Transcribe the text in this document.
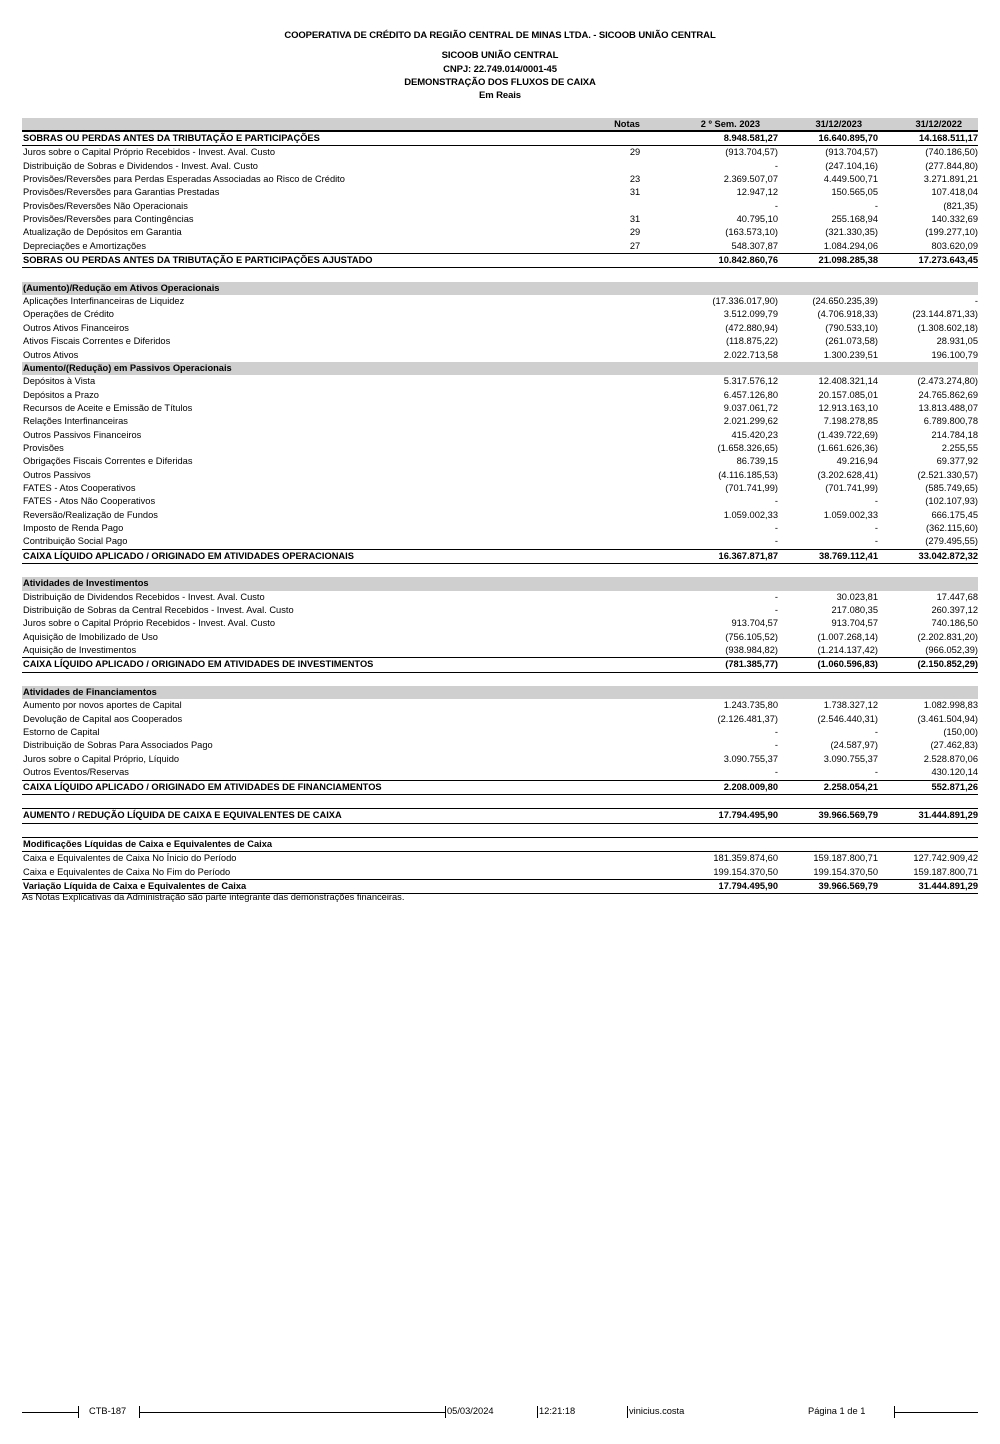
COOPERATIVA DE CRÉDITO DA REGIÃO CENTRAL DE MINAS LTDA. - SICOOB UNIÃO CENTRAL
SICOOB UNIÃO CENTRAL
CNPJ: 22.749.014/0001-45
DEMONSTRAÇÃO DOS FLUXOS DE CAIXA
Em Reais
Notas	2 º Sem. 2023	31/12/2023	31/12/2022
SOBRAS OU PERDAS ANTES DA TRIBUTAÇÃO E PARTICIPAÇÕES	8.948.581,27	16.640.895,70	14.168.511,17
Juros sobre o Capital Próprio Recebidos - Invest. Aval. Custo	29	(913.704,57)	(913.704,57)	(740.186,50)
Distribuição de Sobras e Dividendos - Invest. Aval. Custo	-	(247.104,16)	(277.844,80)
Provisões/Reversões para Perdas Esperadas Associadas ao Risco de Crédito	23	2.369.507,07	4.449.500,71	3.271.891,21
Provisões/Reversões para Garantias Prestadas	31	12.947,12	150.565,05	107.418,04
Provisões/Reversões Não Operacionais	-	-	(821,35)
Provisões/Reversões para Contingências	31	40.795,10	255.168,94	140.332,69
Atualização de Depósitos em Garantia	29	(163.573,10)	(321.330,35)	(199.277,10)
Depreciações e Amortizações	27	548.307,87	1.084.294,06	803.620,09
SOBRAS OU PERDAS ANTES DA TRIBUTAÇÃO E PARTICIPAÇÕES AJUSTADO	10.842.860,76	21.098.285,38	17.273.643,45
(Aumento)/Redução em Ativos Operacionais
Aplicações Interfinanceiras de Liquidez	(17.336.017,90)	(24.650.235,39)	-
Operações de Crédito	3.512.099,79	(4.706.918,33)	(23.144.871,33)
Outros Ativos Financeiros	(472.880,94)	(790.533,10)	(1.308.602,18)
Ativos Fiscais Correntes e Diferidos	(118.875,22)	(261.073,58)	28.931,05
Outros Ativos	2.022.713,58	1.300.239,51	196.100,79
Aumento/(Redução) em Passivos Operacionais
Depósitos à Vista	5.317.576,12	12.408.321,14	(2.473.274,80)
Depósitos a Prazo	6.457.126,80	20.157.085,01	24.765.862,69
Recursos de Aceite e Emissão de Títulos	9.037.061,72	12.913.163,10	13.813.488,07
Relações Interfinanceiras	2.021.299,62	7.198.278,85	6.789.800,78
Outros Passivos Financeiros	415.420,23	(1.439.722,69)	214.784,18
Provisões	(1.658.326,65)	(1.661.626,36)	2.255,55
Obrigações Fiscais Correntes e Diferidas	86.739,15	49.216,94	69.377,92
Outros Passivos	(4.116.185,53)	(3.202.628,41)	(2.521.330,57)
FATES - Atos Cooperativos	(701.741,99)	(701.741,99)	(585.749,65)
FATES - Atos Não Cooperativos	-	-	(102.107,93)
Reversão/Realização de Fundos	1.059.002,33	1.059.002,33	666.175,45
Imposto de Renda Pago	-	-	(362.115,60)
Contribuição Social Pago	-	-	(279.495,55)
CAIXA LÍQUIDO APLICADO / ORIGINADO EM ATIVIDADES OPERACIONAIS	16.367.871,87	38.769.112,41	33.042.872,32
Atividades de Investimentos
Distribuição de Dividendos Recebidos - Invest. Aval. Custo	-	30.023,81	17.447,68
Distribuição de Sobras da Central Recebidos - Invest. Aval. Custo	-	217.080,35	260.397,12
Juros sobre o Capital Próprio Recebidos - Invest. Aval. Custo	913.704,57	913.704,57	740.186,50
Aquisição de Imobilizado de Uso	(756.105,52)	(1.007.268,14)	(2.202.831,20)
Aquisição de Investimentos	(938.984,82)	(1.214.137,42)	(966.052,39)
CAIXA LÍQUIDO APLICADO / ORIGINADO EM ATIVIDADES DE INVESTIMENTOS	(781.385,77)	(1.060.596,83)	(2.150.852,29)
Atividades de Financiamentos
Aumento por novos aportes de Capital	1.243.735,80	1.738.327,12	1.082.998,83
Devolução de Capital aos Cooperados	(2.126.481,37)	(2.546.440,31)	(3.461.504,94)
Estorno de Capital	-	-	(150,00)
Distribuição de Sobras Para Associados Pago	-	(24.587,97)	(27.462,83)
Juros sobre o Capital Próprio, Líquido	3.090.755,37	3.090.755,37	2.528.870,06
Outros Eventos/Reservas	-	-	430.120,14
CAIXA LÍQUIDO APLICADO / ORIGINADO EM ATIVIDADES DE FINANCIAMENTOS	2.208.009,80	2.258.054,21	552.871,26
AUMENTO / REDUÇÃO LÍQUIDA DE CAIXA E EQUIVALENTES DE CAIXA	17.794.495,90	39.966.569,79	31.444.891,29
Modificações Líquidas de Caixa e Equivalentes de Caixa
Caixa e Equivalentes de Caixa No Ínicio do Período	181.359.874,60	159.187.800,71	127.742.909,42
Caixa e Equivalentes de Caixa No Fim do Período	199.154.370,50	199.154.370,50	159.187.800,71
Variação Líquida de Caixa e Equivalentes de Caixa	17.794.495,90	39.966.569,79	31.444.891,29
As Notas Explicativas da Administração são parte integrante das demonstrações financeiras.
CTB-187	05/03/2024	12:21:18	vinicius.costa	Página 1 de 1
